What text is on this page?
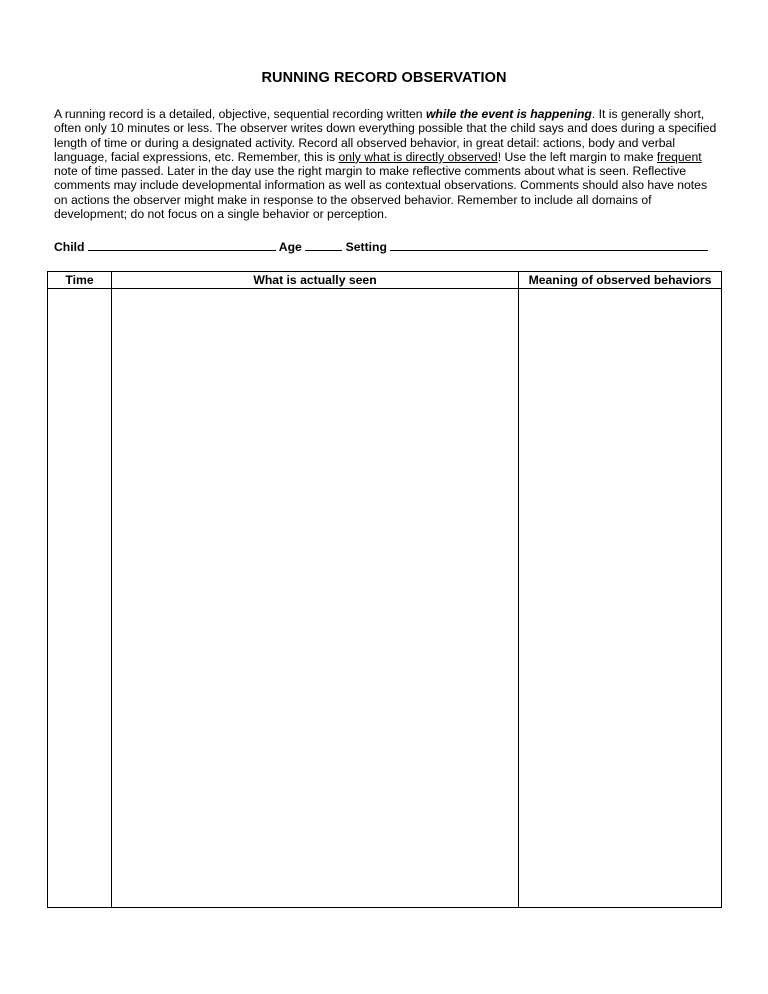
RUNNING RECORD OBSERVATION
A running record is a detailed, objective, sequential recording written while the event is happening. It is generally short, often only 10 minutes or less. The observer writes down everything possible that the child says and does during a specified length of time or during a designated activity. Record all observed behavior, in great detail: actions, body and verbal language, facial expressions, etc. Remember, this is only what is directly observed! Use the left margin to make frequent note of time passed. Later in the day use the right margin to make reflective comments about what is seen. Reflective comments may include developmental information as well as contextual observations. Comments should also have notes on actions the observer might make in response to the observed behavior. Remember to include all domains of development; do not focus on a single behavior or perception.
Child	Age	Setting
Time	What is actually seen	Meaning of observed behaviors
